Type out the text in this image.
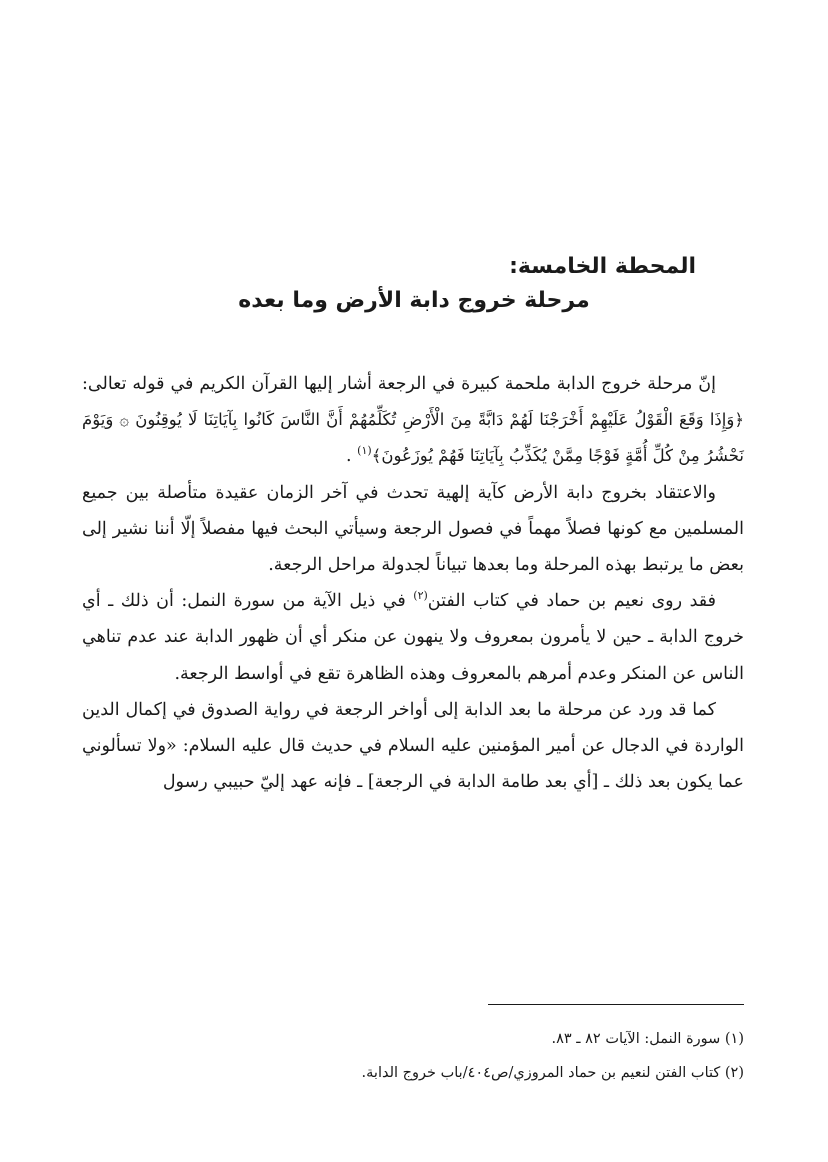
المحطة الخامسة:
مرحلة خروج دابة الأرض وما بعده

إنّ مرحلة خروج الدابة ملحمة كبيرة في الرجعة أشار إليها القرآن الكريم في قوله تعالى: ﴿وَإِذَا وَقَعَ الْقَوْلُ عَلَيْهِمْ أَخْرَجْنَا لَهُمْ دَابَّةً مِنَ الْأَرْضِ تُكَلِّمُهُمْ أَنَّ النَّاسَ كَانُوا بِآيَاتِنَا لَا يُوقِنُونَ ۞ وَيَوْمَ نَحْشُرُ مِنْ كُلِّ أُمَّةٍ فَوْجًا مِمَّنْ يُكَذِّبُ بِآيَاتِنَا فَهُمْ يُوزَعُونَ﴾$^{(١)}$ .

والاعتقاد بخروج دابة الأرض كآية إلهية تحدث في آخر الزمان عقيدة متأصلة بين جميع المسلمين مع كونها فصلاً مهماً في فصول الرجعة وسيأتي البحث فيها مفصلاً إلّا أننا نشير إلى بعض ما يرتبط بهذه المرحلة وما بعدها تبياناً لجدولة مراحل الرجعة.

فقد روى نعيم بن حماد في كتاب الفتن$^{(٢)}$ في ذيل الآية من سورة النمل: أن ذلك ـ أي خروج الدابة ـ حين لا يأمرون بمعروف ولا ينهون عن منكر أي أن ظهور الدابة عند عدم تناهي الناس عن المنكر وعدم أمرهم بالمعروف وهذه الظاهرة تقع في أواسط الرجعة.

كما قد ورد عن مرحلة ما بعد الدابة إلى أواخر الرجعة في رواية الصدوق في إكمال الدين الواردة في الدجال عن أمير المؤمنين عليه السلام في حديث قال عليه السلام: «ولا تسألوني عما يكون بعد ذلك ـ [أي بعد طامة الدابة في الرجعة] ـ فإنه عهد إليّ حبيبي رسول

(١) سورة النمل: الآيات ٨٢ ـ ٨٣.

(٢) كتاب الفتن لنعيم بن حماد المروزي/ص٤٠٤/باب خروج الدابة.
